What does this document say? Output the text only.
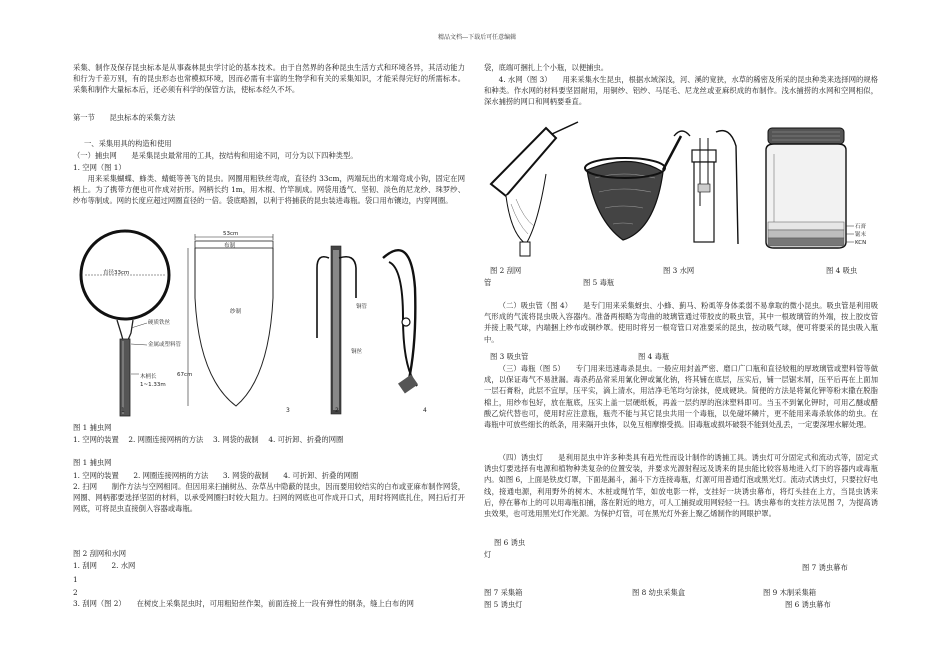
精品文档---下载后可任意编辑
采集、制作及保存昆虫标本是从事森林昆虫学讨论的基本技术。由于自然界的各种昆虫生活方式和环境各异，其活动能力和行为千差万别，有的昆虫形态也常模拟环境，因而必需有丰富的生物学和有关的采集知识，才能采得完好的所需标本。采集和制作大量标本后，还必须有科学的保管方法，使标本经久不坏。
第一节　　昆虫标本的采集方法
一、采集用具的构造和使用
（一）捕虫网　　是采集昆虫最常用的工具，按结构和用途不同，可分为以下四种类型。
1. 空网（图 1）
用来采集蝴蝶、蜂类、蜻蜓等善飞的昆虫。网圈用粗铁丝弯成，直径约 33cm，两端玩出的末端弯成小钩，固定在网柄上。为了携带方便也可作成对折形。网柄长约 1m，用木棍、竹竿制成。网袋用透气、坚韧、淡色的尼龙纱、珠罗纱、纱布等制成。网的长度应超过网圈直径的一倍。袋底略圆，以利于将捕获的昆虫装进毒瓶。袋口用布镶边，内穿网圈。
直径33cm
硬质铁丝
金属或塑料管
木柄长
1~1.33m
1
53cm
布制
纱制
67cm
3
铜管
铜丝
2	4
图 1 捕虫网
1. 空网的装置　 2. 网圈连接网柄的方法　 3. 网袋的裁制　 4. 可折卸、折叠的网圈
图 1 捕虫网
1. 空网的装置　　2. 网圈连接网柄的方法　　3. 网袋的裁制　　4. 可折卸、折叠的网圈
2. 扫网　　制作方法与空网相同。但因用来扫捕树丛、杂草丛中隐蔽的昆虫，因而要用较结实的白布或亚麻布制作网袋，网圈、网柄都要选择坚固的材料，以承受网圈扫时较大阻力。扫网的网底也可作成开口式，用时将网底扎住，网扫后打开网底，可将昆虫直接倒入容器或毒瓶。
图 2 刮网和水网
1. 刮网　　2. 水网
1
2
3. 刮网（图 2）　　在树皮上采集昆虫时，可用粗铅丝作架，前面连接上一段有弹性的钢条，缝上白布的网
袋，底端可捆扎上个小瓶，以便捕虫。
4. 水网（图 3）　　用来采集水生昆虫，根据水域深浅，河、溪的宽狭，水草的稀密及所采的昆虫种类来选择网的规格和种类。作水网的材料要坚固耐用，用铜纱、铝纱、马尾毛、尼龙丝或亚麻织成的布制作。浅水捕捞的水网和空网相似，深水捕捞的网口和网柄要垂直。
石膏
锯末
KCN
图 2 刮网	图 3 水网	图 4 吸虫
管	图 5 毒瓶
（二）吸虫管（图 4）　　是专门用来采集蚜虫、小蜂、蓟马、粉虱等身体柔弱不易拿取的微小昆虫。吸虫管是利用吸气形成的气流将昆虫吸入容器内。准备两根略为弯曲的玻璃管通过带胶皮的吸虫管，其中一根玻璃管的外端，按上胶皮管并接上吸气球，内端捆上纱布或铜纱罩。使用时将另一根弯管口对准要采的昆虫，按动吸气球，便可将要采的昆虫吸入瓶中。
图 3 吸虫管	图 4 毒瓶
（三）毒瓶（图 5）　　专门用来迅速毒杀昆虫。一般应用封盖严密、磨口广口瓶和直径较粗的厚玻璃管或塑料管等做成，以保证毒气不易泄漏。毒杀药品常采用氰化钾或氰化钠，将其铺在底层，压实后，铺一层锯末屑，压平后再在上面加一层石膏粉，此层不宜厚，压平实，滴上清水，用洁净毛笔均匀涂抹，使成硬块。简便的方法是将氰化钾等粉末撒在脱脂棉上，用纱布包好，放在瓶底，压实上盖一层硬纸板，再盖一层约厚的泡沫塑料即可。当玉不到氰化钾时，可用乙醚或醋酸乙烷代替也可，使用时应注意瓶，瓶壳不能与其它昆虫共用一个毒瓶，以免碰坏鳞片，更不能用来毒杀软体的幼虫。在毒瓶中可放些细长的纸条，用来隔开虫体，以免互相摩擦受损。旧毒瓶或损坏破裂不能到处乱丢，一定要深埋水解处理。
（四）诱虫灯　　是利用昆虫中许多种类具有趋光性而设计制作的诱捕工具。诱虫灯可分固定式和流动式等，固定式诱虫灯要选择有电源和植物种类复杂的位置安装，并要求光源射程远及诱来的昆虫能比较容易地进入灯下的容器内或毒瓶内。如图 6，上面是铁皮灯罩，下面是漏斗，漏斗下方连接毒瓶，灯源可用普通灯泡或黑光灯。流动式诱虫灯，只要拉好电线，接通电源，利用野外的树木、木桩或绳竹竿，如放电影一样，支挂好一块诱虫幕布，将灯头挂在上方，当昆虫诱来后，停在幕布上的可以用毒瓶扣捕，落在附近的地方，可人工捕捉或用网轻轻一扫。诱虫幕布的支挂方法见图 7，为提高诱虫效果，也可选用黑光灯作光源。为保护灯管，可在黑光灯外套上聚乙烯制作的网眼护罩。
图 6 诱虫
灯
图 7 诱虫幕布
图 7 采集箱	图 8 幼虫采集盒	图 9 木制采集箱
图 5 诱虫灯	图 6 诱虫幕布
